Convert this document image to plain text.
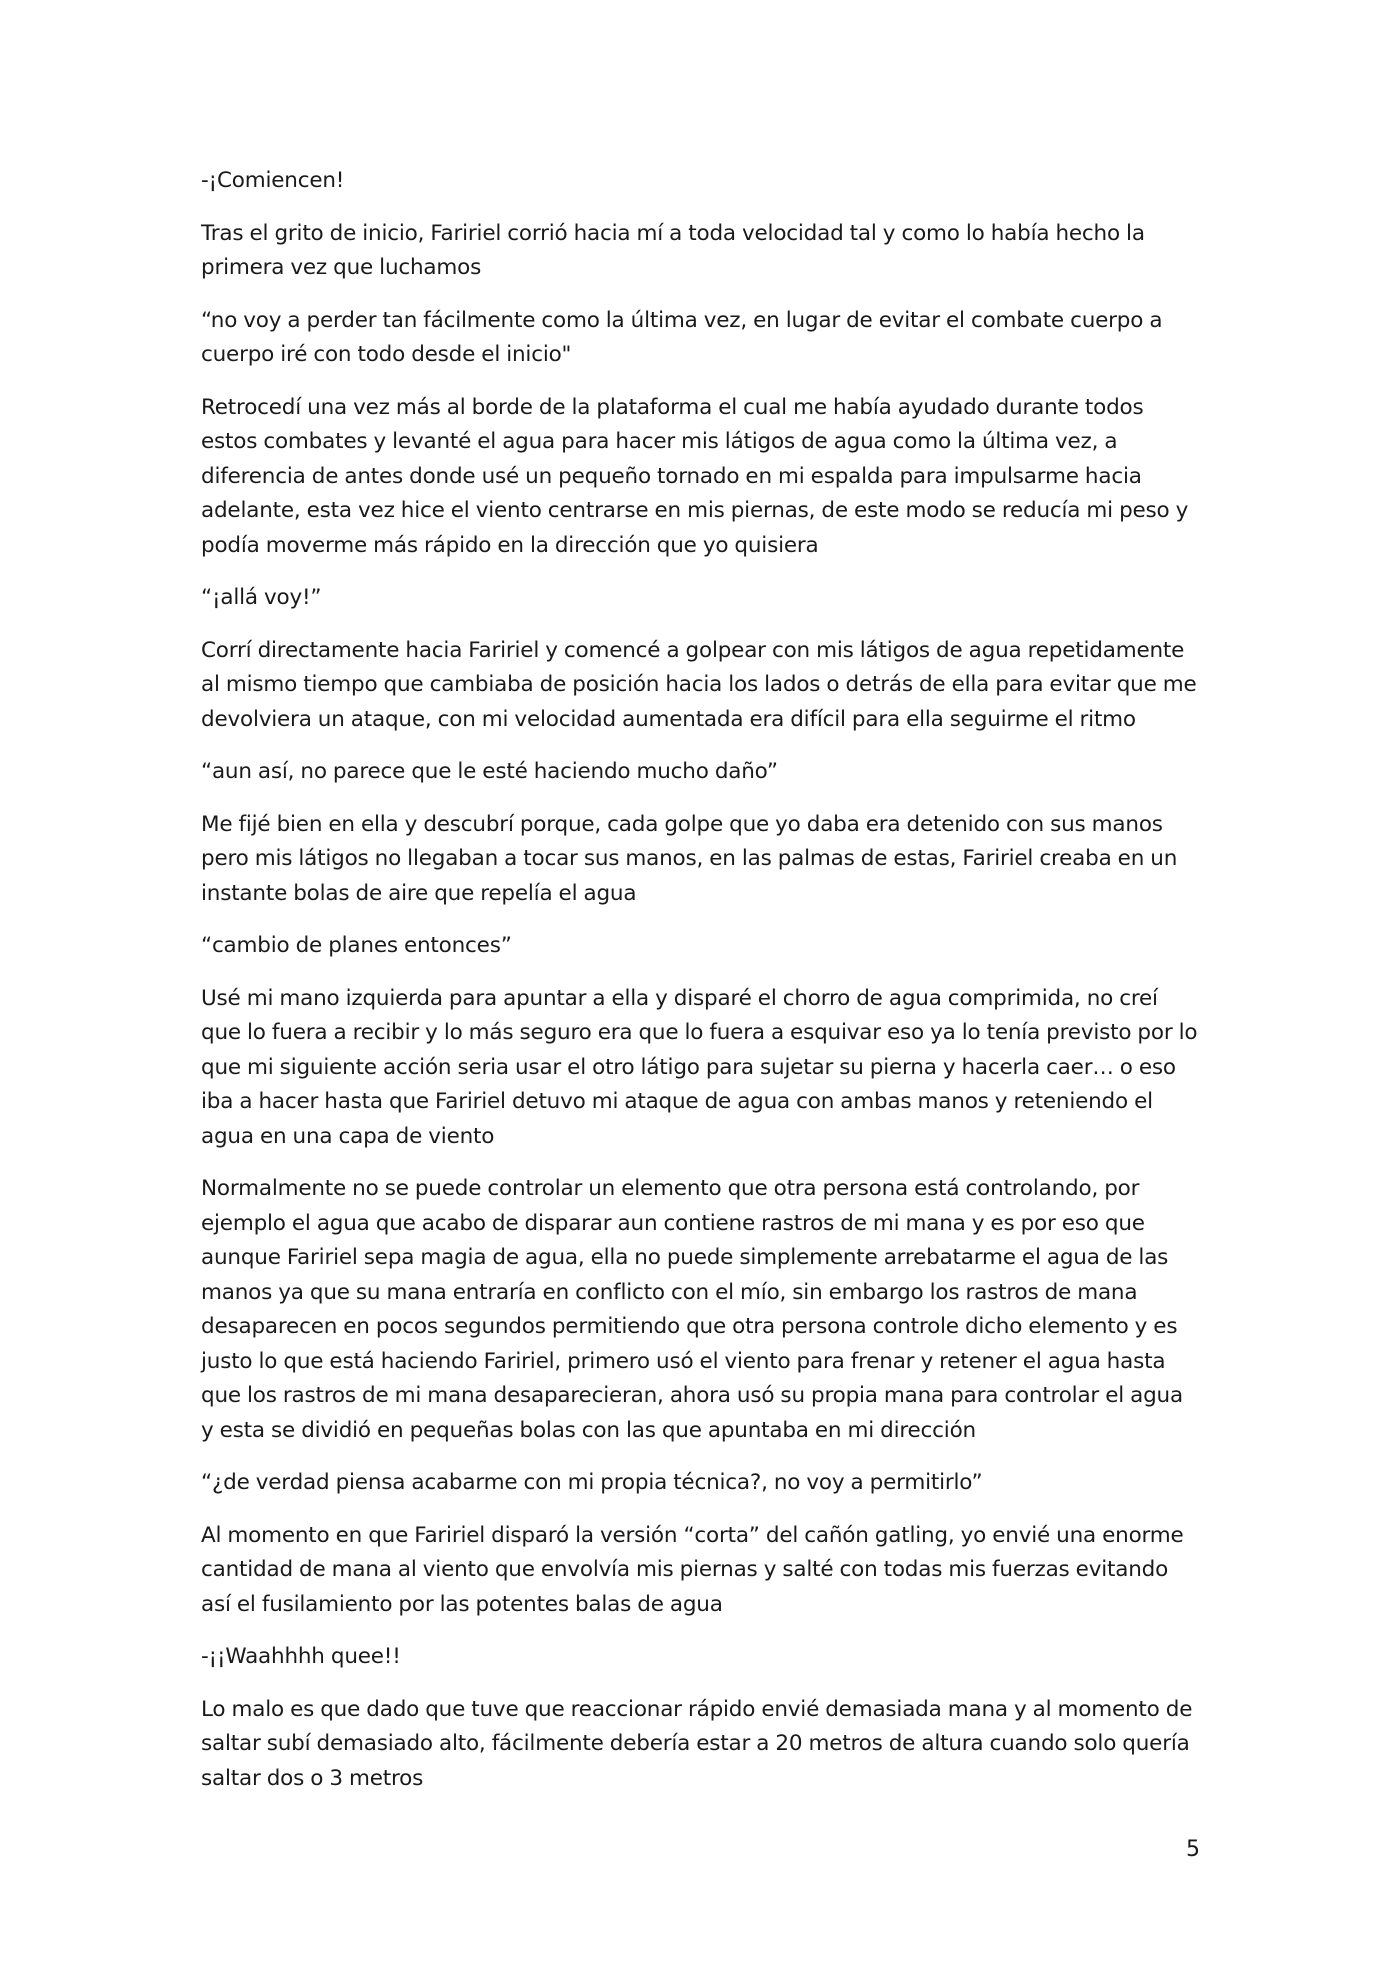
-¡Comiencen!

Tras el grito de inicio, Faririel corrió hacia mí a toda velocidad tal y como lo había hecho la primera vez que luchamos

“no voy a perder tan fácilmente como la última vez, en lugar de evitar el combate cuerpo a cuerpo iré con todo desde el inicio"

Retrocedí una vez más al borde de la plataforma el cual me había ayudado durante todos estos combates y levanté el agua para hacer mis látigos de agua como la última vez, a diferencia de antes donde usé un pequeño tornado en mi espalda para impulsarme hacia adelante, esta vez hice el viento centrarse en mis piernas, de este modo se reducía mi peso y podía moverme más rápido en la dirección que yo quisiera

“¡allá voy!”

Corrí directamente hacia Faririel y comencé a golpear con mis látigos de agua repetidamente al mismo tiempo que cambiaba de posición hacia los lados o detrás de ella para evitar que me devolviera un ataque, con mi velocidad aumentada era difícil para ella seguirme el ritmo

“aun así, no parece que le esté haciendo mucho daño”

Me fijé bien en ella y descubrí porque, cada golpe que yo daba era detenido con sus manos pero mis látigos no llegaban a tocar sus manos, en las palmas de estas, Faririel creaba en un instante bolas de aire que repelía el agua

“cambio de planes entonces”

Usé mi mano izquierda para apuntar a ella y disparé el chorro de agua comprimida, no creí que lo fuera a recibir y lo más seguro era que lo fuera a esquivar eso ya lo tenía previsto por lo que mi siguiente acción seria usar el otro látigo para sujetar su pierna y hacerla caer… o eso iba a hacer hasta que Faririel detuvo mi ataque de agua con ambas manos y reteniendo el agua en una capa de viento

Normalmente no se puede controlar un elemento que otra persona está controlando, por ejemplo el agua que acabo de disparar aun contiene rastros de mi mana y es por eso que aunque Faririel sepa magia de agua, ella no puede simplemente arrebatarme el agua de las manos ya que su mana entraría en conflicto con el mío, sin embargo los rastros de mana desaparecen en pocos segundos permitiendo que otra persona controle dicho elemento y es justo lo que está haciendo Faririel, primero usó el viento para frenar y retener el agua hasta que los rastros de mi mana desaparecieran, ahora usó su propia mana para controlar el agua y esta se dividió en pequeñas bolas con las que apuntaba en mi dirección

“¿de verdad piensa acabarme con mi propia técnica?, no voy a permitirlo”

Al momento en que Faririel disparó la versión “corta” del cañón gatling, yo envié una enorme cantidad de mana al viento que envolvía mis piernas y salté con todas mis fuerzas evitando así el fusilamiento por las potentes balas de agua

-¡¡Waahhhh quee!!

Lo malo es que dado que tuve que reaccionar rápido envié demasiada mana y al momento de saltar subí demasiado alto, fácilmente debería estar a 20 metros de altura cuando solo quería saltar dos o 3 metros

5
